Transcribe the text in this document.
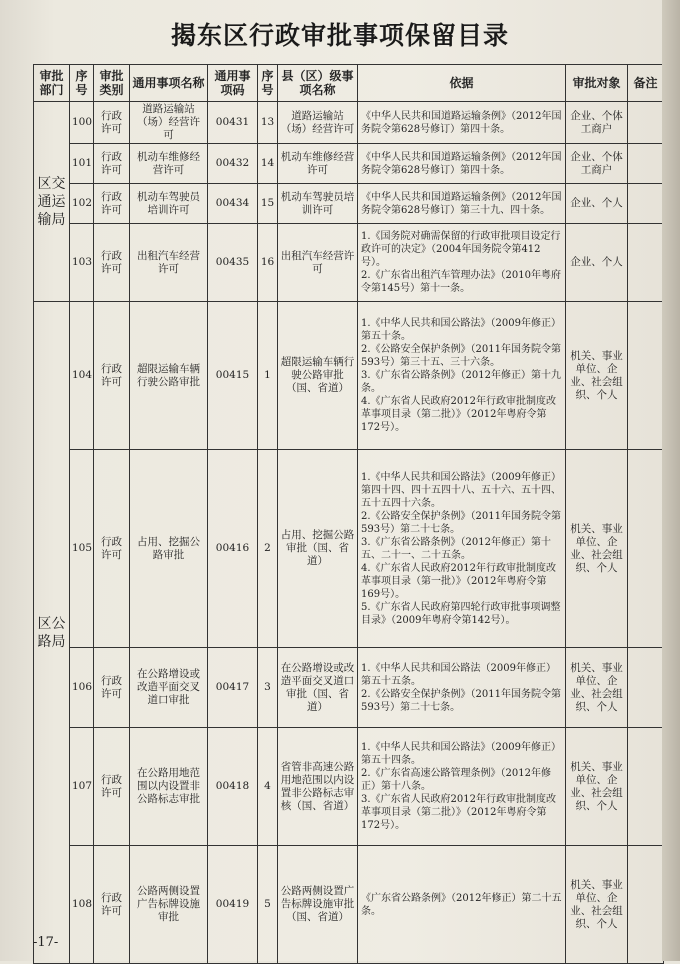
揭东区行政审批事项保留目录
审批部门	序号	审批类别	通用事项名称	通用事项码	序号	县（区）级事项名称	依据	审批对象	备注
区交通运输局	100	行政许可	道路运输站（场）经营许可	00431	13	道路运输站（场）经营许可	《中华人民共和国道路运输条例》（2012年国务院令第628号修订）第四十条。	企业、个体工商户	
	101	行政许可	机动车维修经营许可	00432	14	机动车维修经营许可	《中华人民共和国道路运输条例》（2012年国务院令第628号修订）第四十条。	企业、个体工商户	
	102	行政许可	机动车驾驶员培训许可	00434	15	机动车驾驶员培训许可	《中华人民共和国道路运输条例》（2012年国务院令第628号修订）第三十九、四十条。	企业、个人	
	103	行政许可	出租汽车经营许可	00435	16	出租汽车经营许可	1.《国务院对确需保留的行政审批项目设定行政许可的决定》（2004年国务院令第412号）。
2.《广东省出租汽车管理办法》（2010年粤府令第145号）第十一条。	企业、个人	
区公路局	104	行政许可	超限运输车辆行驶公路审批	00415	1	超限运输车辆行驶公路审批（国、省道）	1.《中华人民共和国公路法》（2009年修正）第五十条。
2.《公路安全保护条例》（2011年国务院令第593号）第三十五、三十六条。
3.《广东省公路条例》（2012年修正）第十九条。
4.《广东省人民政府2012年行政审批制度改革事项目录（第二批）》（2012年粤府令第172号）。	机关、事业单位、企业、社会组织、个人	
	105	行政许可	占用、挖掘公路审批	00416	2	占用、挖掘公路审批（国、省道）	1.《中华人民共和国公路法》（2009年修正）第四十四、四十五四十八、五十六、五十四、五十五四十六条。
2.《公路安全保护条例》（2011年国务院令第593号）第二十七条。
3.《广东省公路条例》（2012年修正）第十五、二十一、二十五条。
4.《广东省人民政府2012年行政审批制度改革事项目录（第一批）》（2012年粤府令第169号）。
5.《广东省人民政府第四轮行政审批事项调整目录》（2009年粤府令第142号）。	机关、事业单位、企业、社会组织、个人	
	106	行政许可	在公路增设或改造平面交叉道口审批	00417	3	在公路增设或改造平面交叉道口审批（国、省道）	1.《中华人民共和国公路法（2009年修正）第五十五条。
2.《公路安全保护条例》（2011年国务院令第593号）第二十七条。	机关、事业单位、企业、社会组织、个人	
	107	行政许可	在公路用地范围以内设置非公路标志审批	00418	4	省管非高速公路用地范围以内设置非公路标志审核（国、省道）	1.《中华人民共和国公路法》（2009年修正）第五十四条。
2.《广东省高速公路管理条例》（2012年修正）第十八条。
3.《广东省人民政府2012年行政审批制度改革事项目录（第二批）》（2012年粤府令第172号）。	机关、事业单位、企业、社会组织、个人	
	108	行政许可	公路两侧设置广告标牌设施审批	00419	5	公路两侧设置广告标牌设施审批（国、省道）	《广东省公路条例》（2012年修正）第二十五条。	机关、事业单位、企业、社会组织、个人	
-17-
